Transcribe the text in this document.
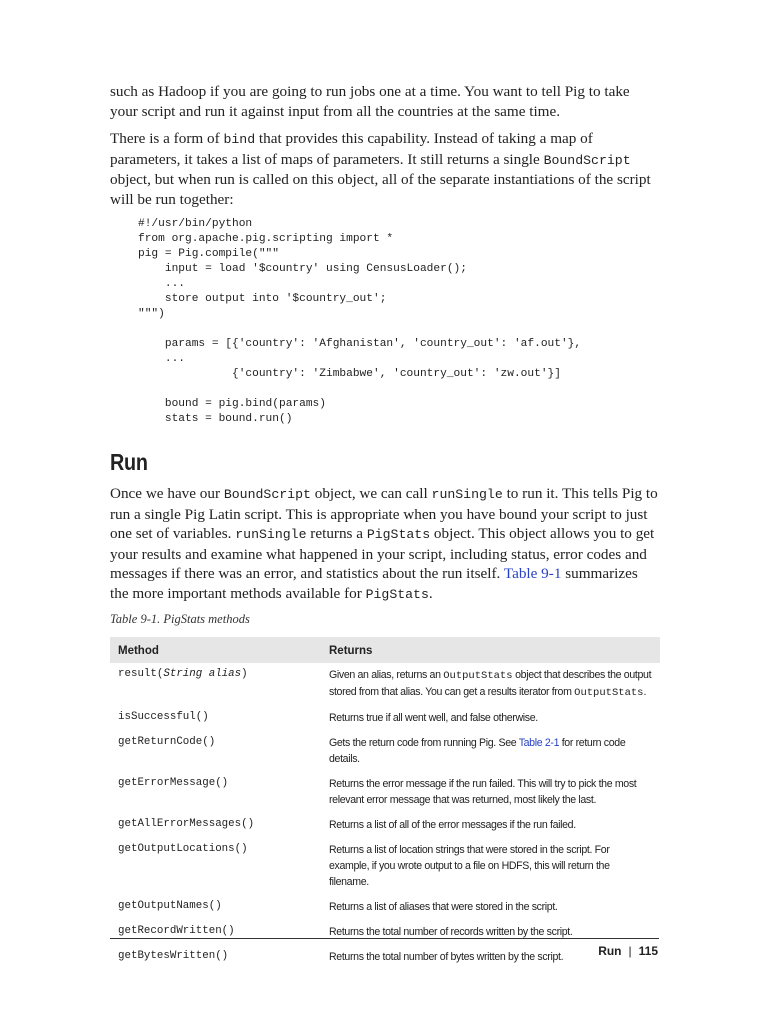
such as Hadoop if you are going to run jobs one at a time. You want to tell Pig to take your script and run it against input from all the countries at the same time.

There is a form of bind that provides this capability. Instead of taking a map of parameters, it takes a list of maps of parameters. It still returns a single BoundScript object, but when run is called on this object, all of the separate instantiations of the script will be run together:

#!/usr/bin/python
from org.apache.pig.scripting import *
pig = Pig.compile("""
input = load '$country' using CensusLoader();
...
store output into '$country_out';
""")

params = [{'country': 'Afghanistan', 'country_out': 'af.out'},
...
{'country': 'Zimbabwe', 'country_out': 'zw.out'}]

bound = pig.bind(params)
stats = bound.run()
Run

Once we have our BoundScript object, we can call runSingle to run it. This tells Pig to run a single Pig Latin script. This is appropriate when you have bound your script to just one set of variables. runSingle returns a PigStats object. This object allows you to get your results and examine what happened in your script, including status, error codes and messages if there was an error, and statistics about the run itself. Table 9-1 summarizes the more important methods available for PigStats.

Table 9-1. PigStats methods
Method	Returns
result(String alias)	Given an alias, returns an OutputStats object that describes the output stored from that alias. You can get a results iterator from OutputStats.
isSuccessful()	Returns true if all went well, and false otherwise.
getReturnCode()	Gets the return code from running Pig. See Table 2-1 for return code details.
getErrorMessage()	Returns the error message if the run failed. This will try to pick the most relevant error message that was returned, most likely the last.
getAllErrorMessages()	Returns a list of all of the error messages if the run failed.
getOutputLocations()	Returns a list of location strings that were stored in the script. For example, if you wrote output to a file on HDFS, this will return the filename.
getOutputNames()	Returns a list of aliases that were stored in the script.
getRecordWritten()	Returns the total number of records written by the script.
getBytesWritten()	Returns the total number of bytes written by the script.	Run | 115
